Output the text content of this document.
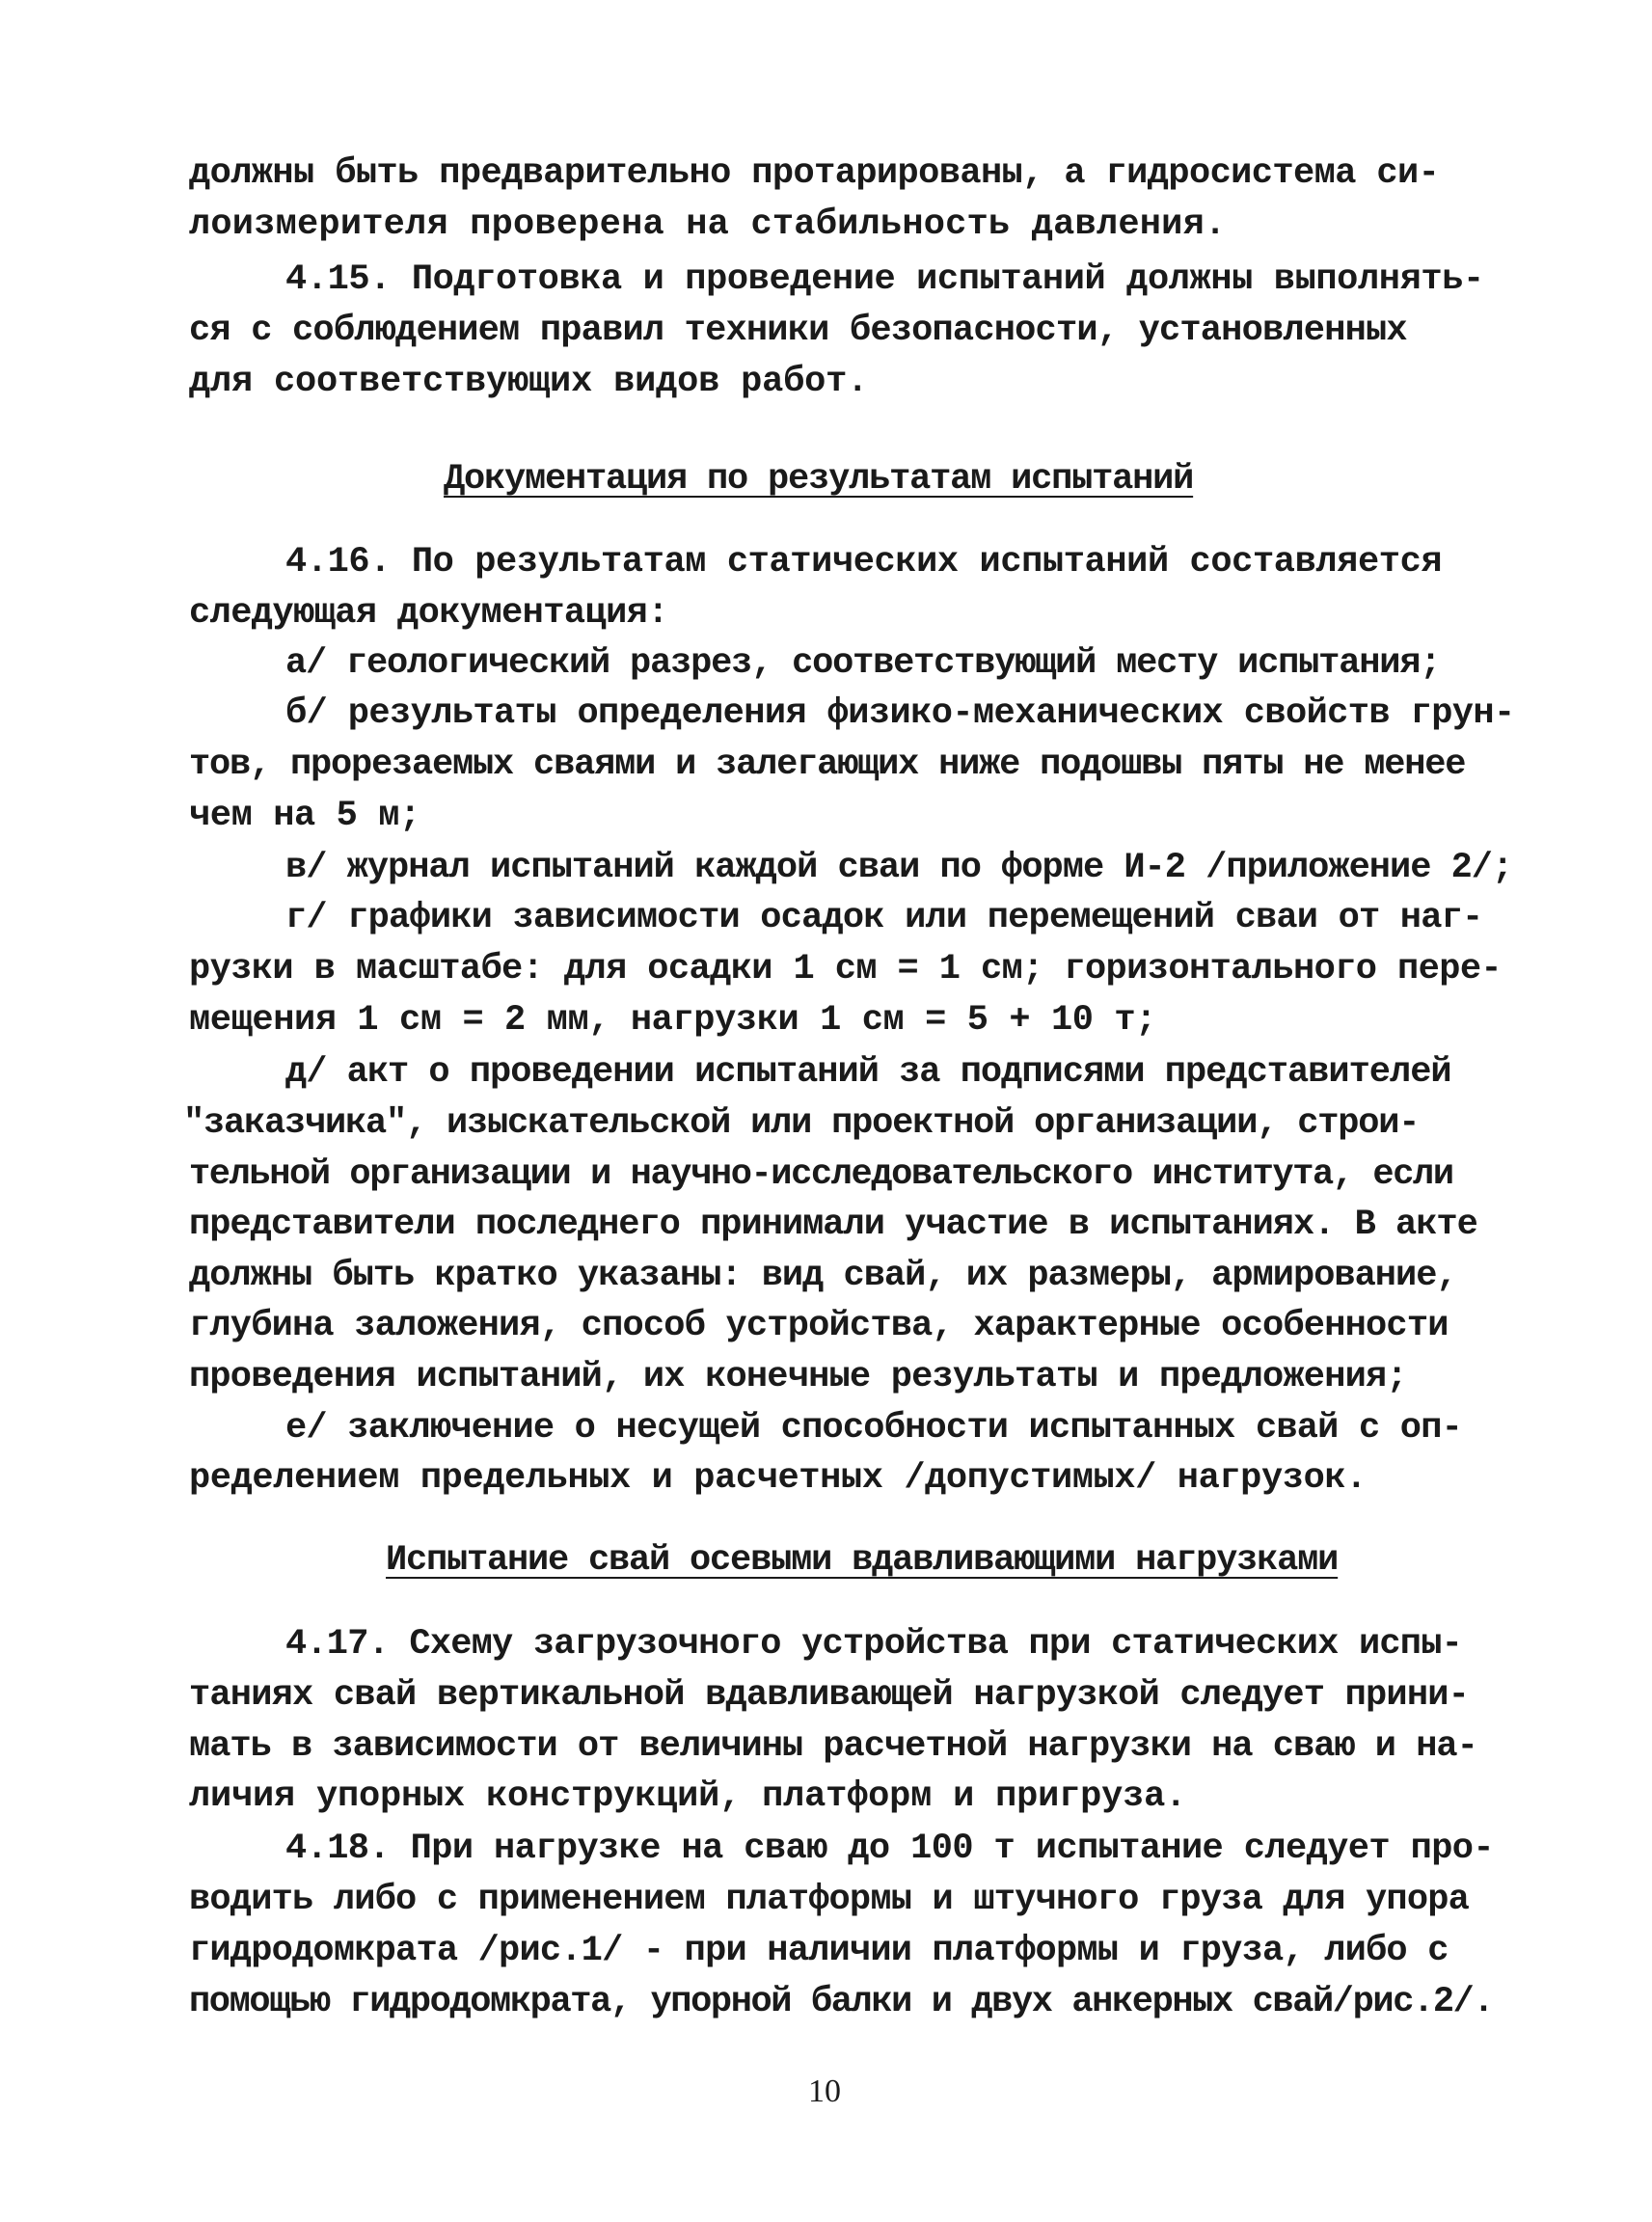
должны быть предварительно протарированы, а гидросистема си-
лоизмерителя проверена на стабильность давления.
4.15. Подготовка и проведение испытаний должны выполнять-
ся с соблюдением правил техники безопасности, установленных
для соответствующих видов работ.
Документация по результатам испытаний
4.16. По результатам статических испытаний составляется
следующая документация:
а/ геологический разрез, соответствующий месту испытания;
б/ результаты определения физико-механических свойств грун-
тов, прорезаемых сваями и залегающих ниже подошвы пяты не менее
чем на 5 м;
в/ журнал испытаний каждой сваи по форме И-2 /приложение 2/;
г/ графики зависимости осадок или перемещений сваи от наг-
рузки в масштабе: для осадки 1 см = 1 см; горизонтального пере-
мещения 1 см = 2 мм, нагрузки 1 см = 5 + 10 т;
д/ акт о проведении испытаний за подписями представителей
"заказчика", изыскательской или проектной организации, строи-
тельной организации и научно-исследовательского института, если
представители последнего принимали участие в испытаниях. В акте
должны быть кратко указаны: вид свай, их размеры, армирование,
глубина заложения, способ устройства, характерные особенности
проведения испытаний, их конечные результаты и предложения;
е/ заключение о несущей способности испытанных свай с оп-
ределением предельных и расчетных /допустимых/ нагрузок.
Испытание свай осевыми вдавливающими нагрузками
4.17. Схему загрузочного устройства при статических испы-
таниях свай вертикальной вдавливающей нагрузкой следует прини-
мать в зависимости от величины расчетной нагрузки на сваю и на-
личия упорных конструкций, платформ и пригруза.
4.18. При нагрузке на сваю до 100 т испытание следует про-
водить либо с применением платформы и штучного груза для упора
гидродомкрата /рис.1/ - при наличии платформы и груза, либо с
помощью гидродомкрата, упорной балки и двух анкерных свай/рис.2/.
10
